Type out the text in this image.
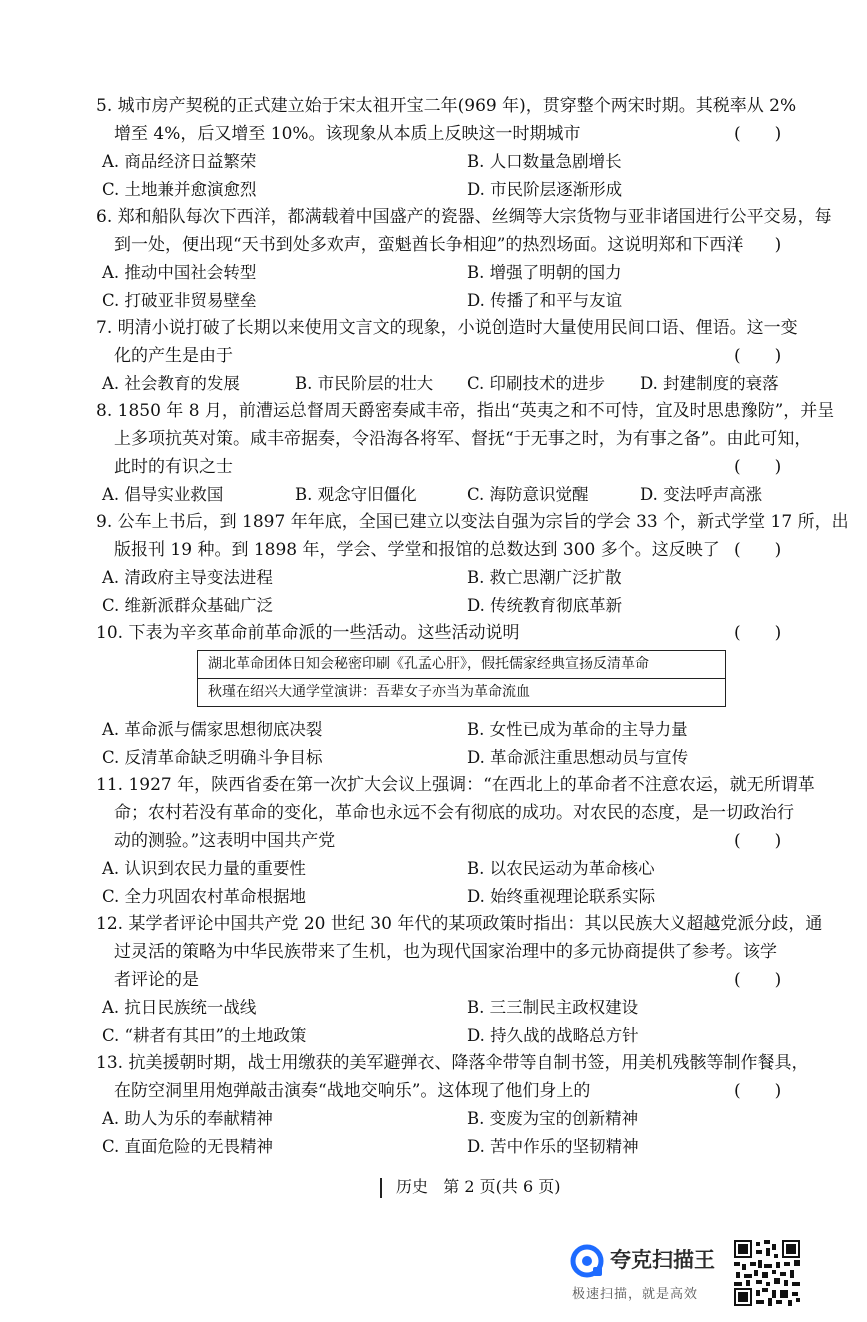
5. 城市房产契税的正式建立始于宋太祖开宝二年(969 年)，贯穿整个两宋时期。其税率从 2%
增至 4%，后又增至 10%。该现象从本质上反映这一时期城市	(　　)
A. 商品经济日益繁荣	B. 人口数量急剧增长
C. 土地兼并愈演愈烈	D. 市民阶层逐渐形成
6. 郑和船队每次下西洋，都满载着中国盛产的瓷器、丝绸等大宗货物与亚非诸国进行公平交易，每
到一处，便出现“天书到处多欢声，蛮魁酋长争相迎”的热烈场面。这说明郑和下西洋
(　　)
A. 推动中国社会转型	B. 增强了明朝的国力
C. 打破亚非贸易壁垒	D. 传播了和平与友谊
7. 明清小说打破了长期以来使用文言文的现象，小说创造时大量使用民间口语、俚语。这一变
化的产生是由于	(　　)
A. 社会教育的发展	B. 市民阶层的壮大 C. 印刷技术的进步 D. 封建制度的衰落
8. 1850 年 8 月，前漕运总督周天爵密奏咸丰帝，指出“英夷之和不可恃，宜及时思患豫防”，并呈
上多项抗英对策。咸丰帝据奏，令沿海各将军、督抚“于无事之时，为有事之备”。由此可知，
此时的有识之士	(　　)
A. 倡导实业救国	B. 观念守旧僵化	C. 海防意识觉醒	D. 变法呼声高涨
9. 公车上书后，到 1897 年年底，全国已建立以变法自强为宗旨的学会 33 个，新式学堂 17 所，出
版报刊 19 种。到 1898 年，学会、学堂和报馆的总数达到 300 多个。这反映了 (　　)
A. 清政府主导变法进程	B. 救亡思潮广泛扩散
C. 维新派群众基础广泛	D. 传统教育彻底革新
10. 下表为辛亥革命前革命派的一些活动。这些活动说明	(　　)
湖北革命团体日知会秘密印刷《孔孟心肝》，假托儒家经典宣扬反清革命
秋瑾在绍兴大通学堂演讲：吾辈女子亦当为革命流血
A. 革命派与儒家思想彻底决裂	B. 女性已成为革命的主导力量
C. 反清革命缺乏明确斗争目标	D. 革命派注重思想动员与宣传
11. 1927 年，陕西省委在第一次扩大会议上强调：“在西北上的革命者不注意农运，就无所谓革
命；农村若没有革命的变化，革命也永远不会有彻底的成功。对农民的态度，是一切政治行
动的测验。”这表明中国共产党	(　　)
A. 认识到农民力量的重要性	B. 以农民运动为革命核心
C. 全力巩固农村革命根据地	D. 始终重视理论联系实际
12. 某学者评论中国共产党 20 世纪 30 年代的某项政策时指出：其以民族大义超越党派分歧，通
过灵活的策略为中华民族带来了生机，也为现代国家治理中的多元协商提供了参考。该学
者评论的是	(　　)
A. 抗日民族统一战线	B. 三三制民主政权建设
C. “耕者有其田”的土地政策	D. 持久战的战略总方针
13. 抗美援朝时期，战士用缴获的美军避弹衣、降落伞带等自制书签，用美机残骸等制作餐具，
在防空洞里用炮弹敲击演奏“战地交响乐”。这体现了他们身上的	(　　)
A. 助人为乐的奉献精神	B. 变废为宝的创新精神
C. 直面危险的无畏精神	D. 苦中作乐的坚韧精神
历史 第 2 页(共 6 页)
夸克扫描王
极速扫描，就是高效
